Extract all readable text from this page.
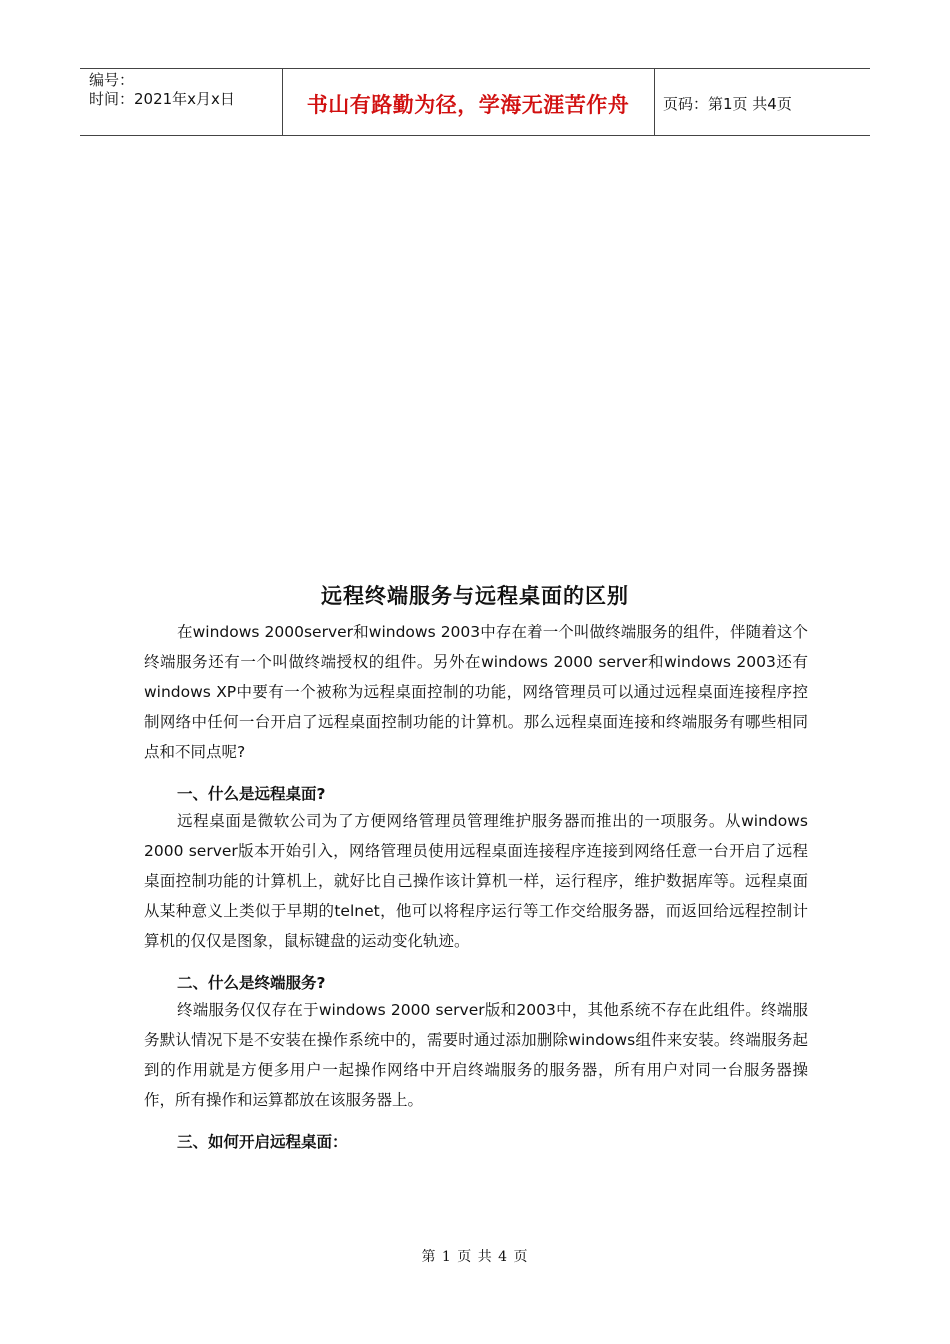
编号：
时间：2021年x月x日	书山有路勤为径，学海无涯苦作舟	页码：第1页 共4页
远程终端服务与远程桌面的区别

在windows 2000server和windows 2003中存在着一个叫做终端服务的组件，伴随着这个终端服务还有一个叫做终端授权的组件。另外在windows 2000 server和windows 2003还有windows XP中要有一个被称为远程桌面控制的功能，网络管理员可以通过远程桌面连接程序控制网络中任何一台开启了远程桌面控制功能的计算机。那么远程桌面连接和终端服务有哪些相同点和不同点呢?

一、什么是远程桌面?

远程桌面是微软公司为了方便网络管理员管理维护服务器而推出的一项服务。从windows 2000 server版本开始引入，网络管理员使用远程桌面连接程序连接到网络任意一台开启了远程桌面控制功能的计算机上，就好比自己操作该计算机一样，运行程序，维护数据库等。远程桌面从某种意义上类似于早期的telnet，他可以将程序运行等工作交给服务器，而返回给远程控制计算机的仅仅是图象，鼠标键盘的运动变化轨迹。

二、什么是终端服务?

终端服务仅仅存在于windows 2000 server版和2003中，其他系统不存在此组件。终端服务默认情况下是不安装在操作系统中的，需要时通过添加删除windows组件来安装。终端服务起到的作用就是方便多用户一起操作网络中开启终端服务的服务器，所有用户对同一台服务器操作，所有操作和运算都放在该服务器上。

三、如何开启远程桌面：

第 1 页 共 4 页
